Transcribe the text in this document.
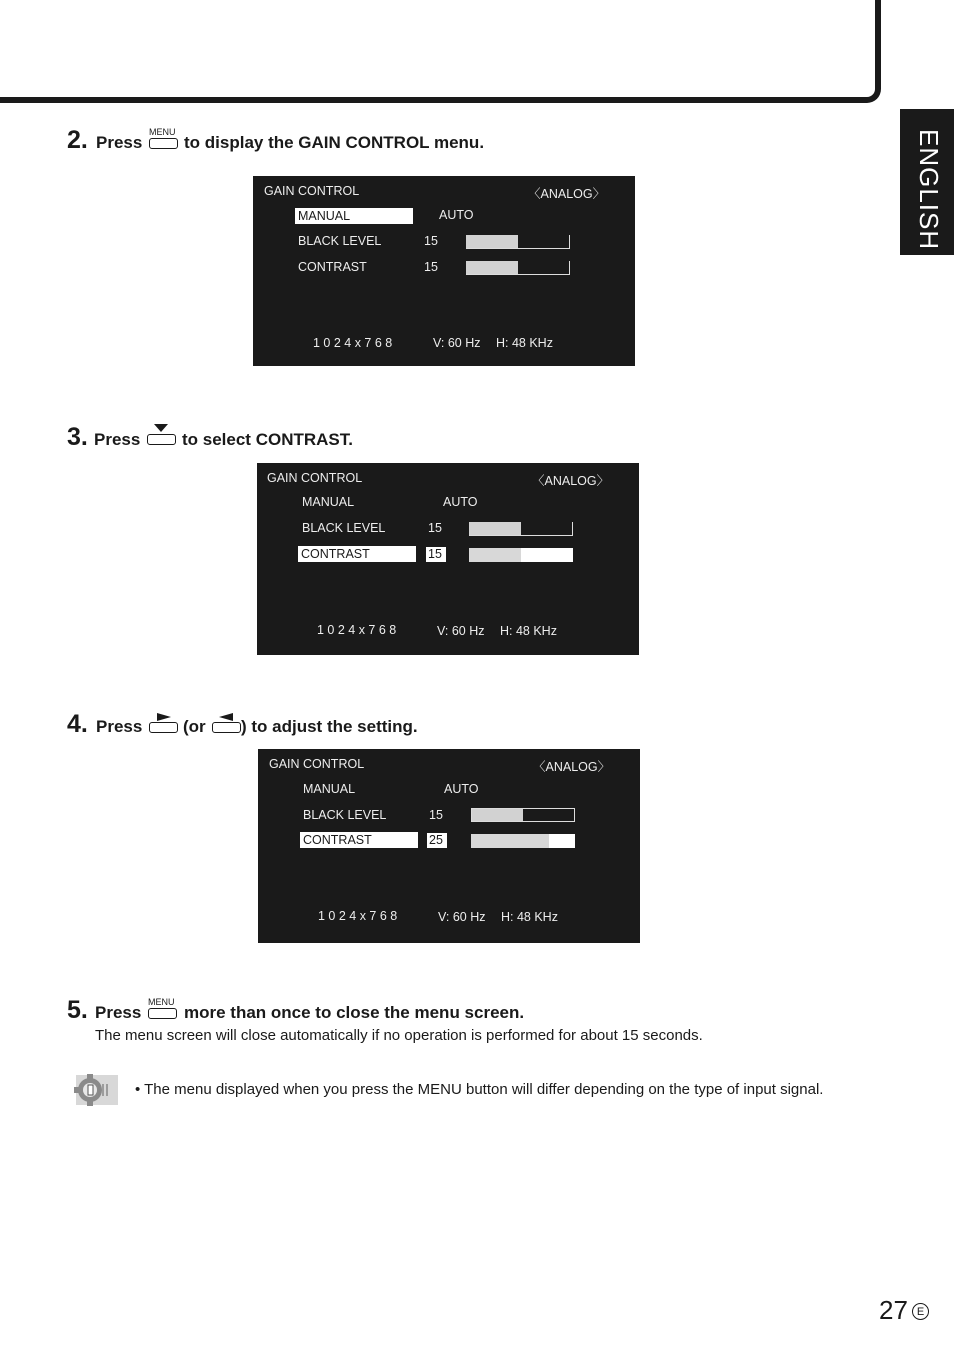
ENGLISH
2. Press
MENU
to display the GAIN CONTROL menu.
GAIN CONTROL	〈ANALOG〉
MANUAL	AUTO
BLACK LEVEL	15
CONTRAST	15
1 0 2 4 x 7 6 8	V: 60 Hz H: 48 KHz
3. Press to select CONTRAST.
GAIN CONTROL	〈ANALOG〉
MANUAL	AUTO
BLACK LEVEL	15
CONTRAST	15
1 0 2 4 x 7 6 8	V: 60 Hz H: 48 KHz
4. Press (or ) to adjust the setting.
GAIN CONTROL	〈ANALOG〉
MANUAL	AUTO
BLACK LEVEL	15
CONTRAST	25
1 0 2 4 x 7 6 8	V: 60 Hz H: 48 KHz
5. Press
MENU
more than once to close the menu screen.
The menu screen will close automatically if no operation is performed for about 15 seconds.
• The menu displayed when you press the MENU button will differ depending on the type of input signal.
27 E
